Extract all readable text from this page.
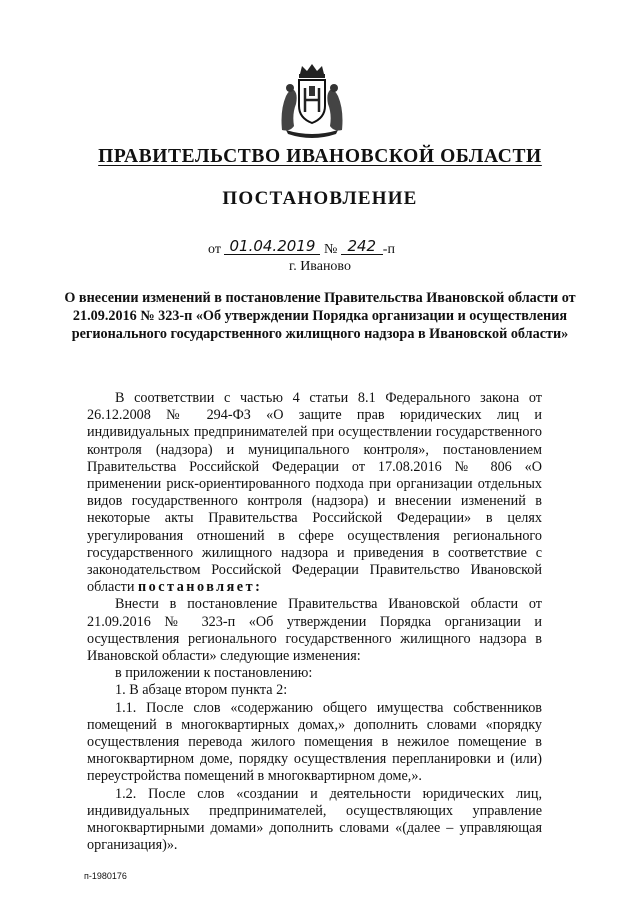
ПРАВИТЕЛЬСТВО ИВАНОВСКОЙ ОБЛАСТИ
ПОСТАНОВЛЕНИЕ
от 01.04.2019 № 242 -п
г. Иваново
О внесении изменений в постановление Правительства Ивановской области от 21.09.2016 № 323-п «Об утверждении Порядка организации и осуществления регионального государственного жилищного надзора в Ивановской области»

В соответствии с частью 4 статьи 8.1 Федерального закона от 26.12.2008 № 294-ФЗ «О защите прав юридических лиц и индивидуальных предпринимателей при осуществлении государственного контроля (надзора) и муниципального контроля», постановлением Правительства Российской Федерации от 17.08.2016 № 806 «О применении риск-ориентированного подхода при организации отдельных видов государственного контроля (надзора) и внесении изменений в некоторые акты Правительства Российской Федерации» в целях урегулирования отношений в сфере осуществления регионального государственного жилищного надзора и приведения в соответствие с законодательством Российской Федерации Правительство Ивановской области постановляет:

Внести в постановление Правительства Ивановской области от 21.09.2016 № 323-п «Об утверждении Порядка организации и осуществления регионального государственного жилищного надзора в Ивановской области» следующие изменения:

в приложении к постановлению:

1. В абзаце втором пункта 2:

1.1. После слов «содержанию общего имущества собственников помещений в многоквартирных домах,» дополнить словами «порядку осуществления перевода жилого помещения в нежилое помещение в многоквартирном доме, порядку осуществления перепланировки и (или) переустройства помещений в многоквартирном доме,».

1.2. После слов «создании и деятельности юридических лиц, индивидуальных предпринимателей, осуществляющих управление многоквартирными домами» дополнить словами «(далее – управляющая организация)».

п-1980176
